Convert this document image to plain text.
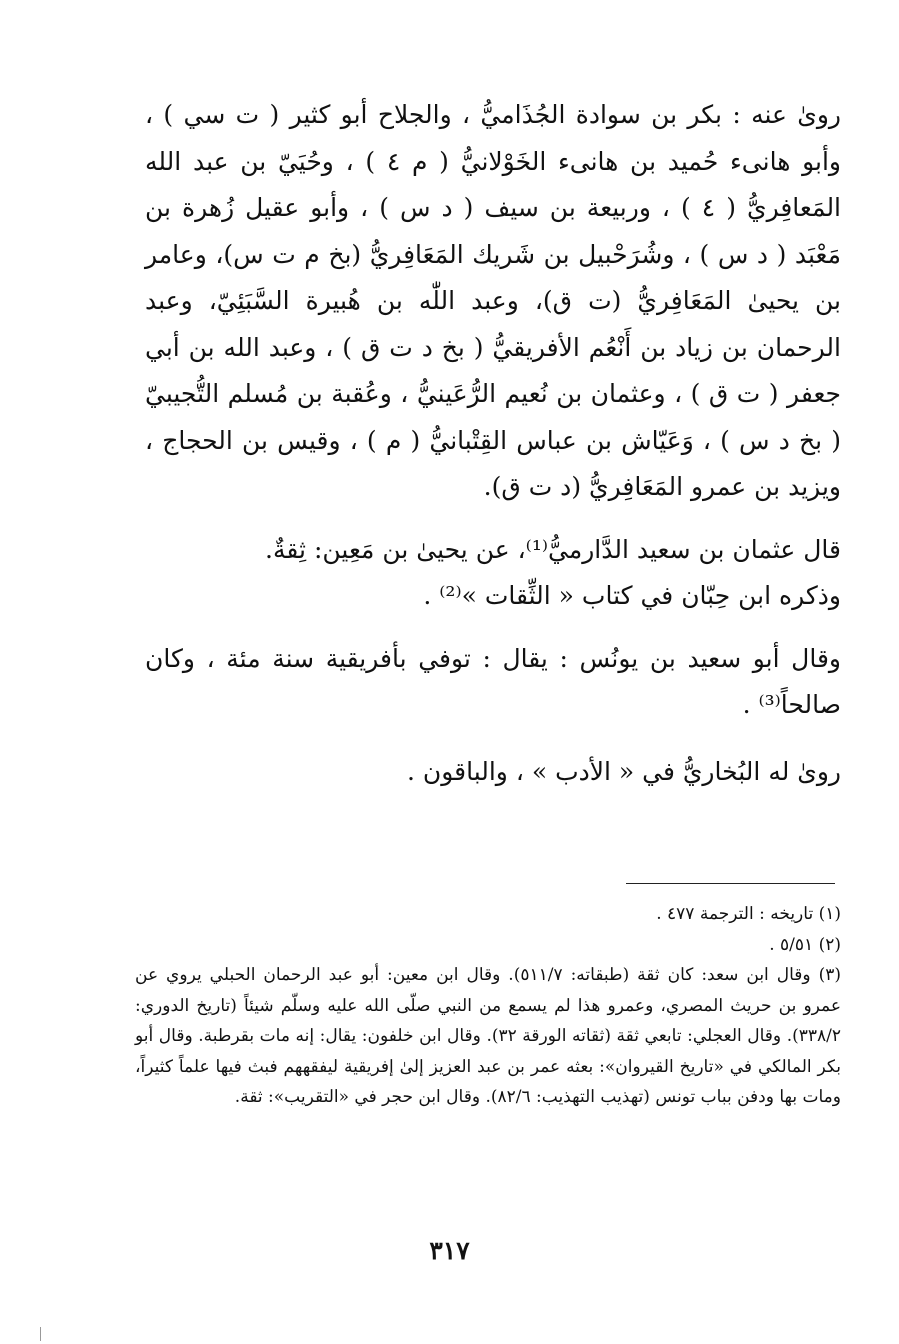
رویٰ عنه : بكر بن سوادة الجُذَاميُّ ، والجلاح أبو كثير ( ت سي ) ، وأبو هانىء حُميد بن هانىء الخَوْلانيُّ ( م ٤ ) ، وحُيَيّ بن عبد الله المَعافِريُّ ( ٤ ) ، وربيعة بن سيف ( د س ) ، وأبو عقيل زُهرة بن مَعْبَد ( د س ) ، وشُرَحْبيل بن شَريك المَعَافِريُّ (بخ م ت س)، وعامر بن يحيىٰ المَعَافِريُّ (ت ق)، وعبد اللّٰه بن هُبيرة السَّبَئِيّ، وعبد الرحمان بن زياد بن أَنْعُم الأفريقيُّ ( بخ د ت ق ) ، وعبد الله بن أبي جعفر ( ت ق ) ، وعثمان بن نُعيم الرُّعَينيُّ ، وعُقبة بن مُسلم التُّجيبيّ ( بخ د س ) ، وَعَيّاش بن عباس القِتْبانيُّ ( م ) ، وقيس بن الحجاج ، ويزيد بن عمرو المَعَافِريُّ (د ت ق).

قال عثمان بن سعيد الدَّارميُّ⁽¹⁾، عن يحيىٰ بن مَعِين: ثِقةٌ.

وذكره ابن حِبّان في كتاب « الثِّقات »⁽²⁾ .

وقال أبو سعيد بن يونُس : يقال : توفي بأفريقية سنة مئة ، وكان صالحاً⁽³⁾ .

رویٰ له البُخاريُّ في « الأدب » ، والباقون .

(١) تاريخه : الترجمة ٤٧٧ .

(٢) ٥/٥١ .

(٣) وقال ابن سعد: كان ثقة (طبقاته: ٥١١/٧). وقال ابن معين: أبو عبد الرحمان الحبلي يروي عن عمرو بن حريث المصري، وعمرو هذا لم يسمع من النبي صلّى الله عليه وسلّم شيئاً (تاريخ الدوري: ٣٣٨/٢). وقال العجلي: تابعي ثقة (ثقاته الورقة ٣٢). وقال ابن خلفون: يقال: إنه مات بقرطبة. وقال أبو بكر المالكي في «تاريخ القيروان»: بعثه عمر بن عبد العزيز إلىٰ إفريقية ليفقههم فبث فيها علماً كثيراً، ومات بها ودفن بباب تونس (تهذيب التهذيب: ٨٢/٦). وقال ابن حجر في «التقريب»: ثقة.

٣١٧
